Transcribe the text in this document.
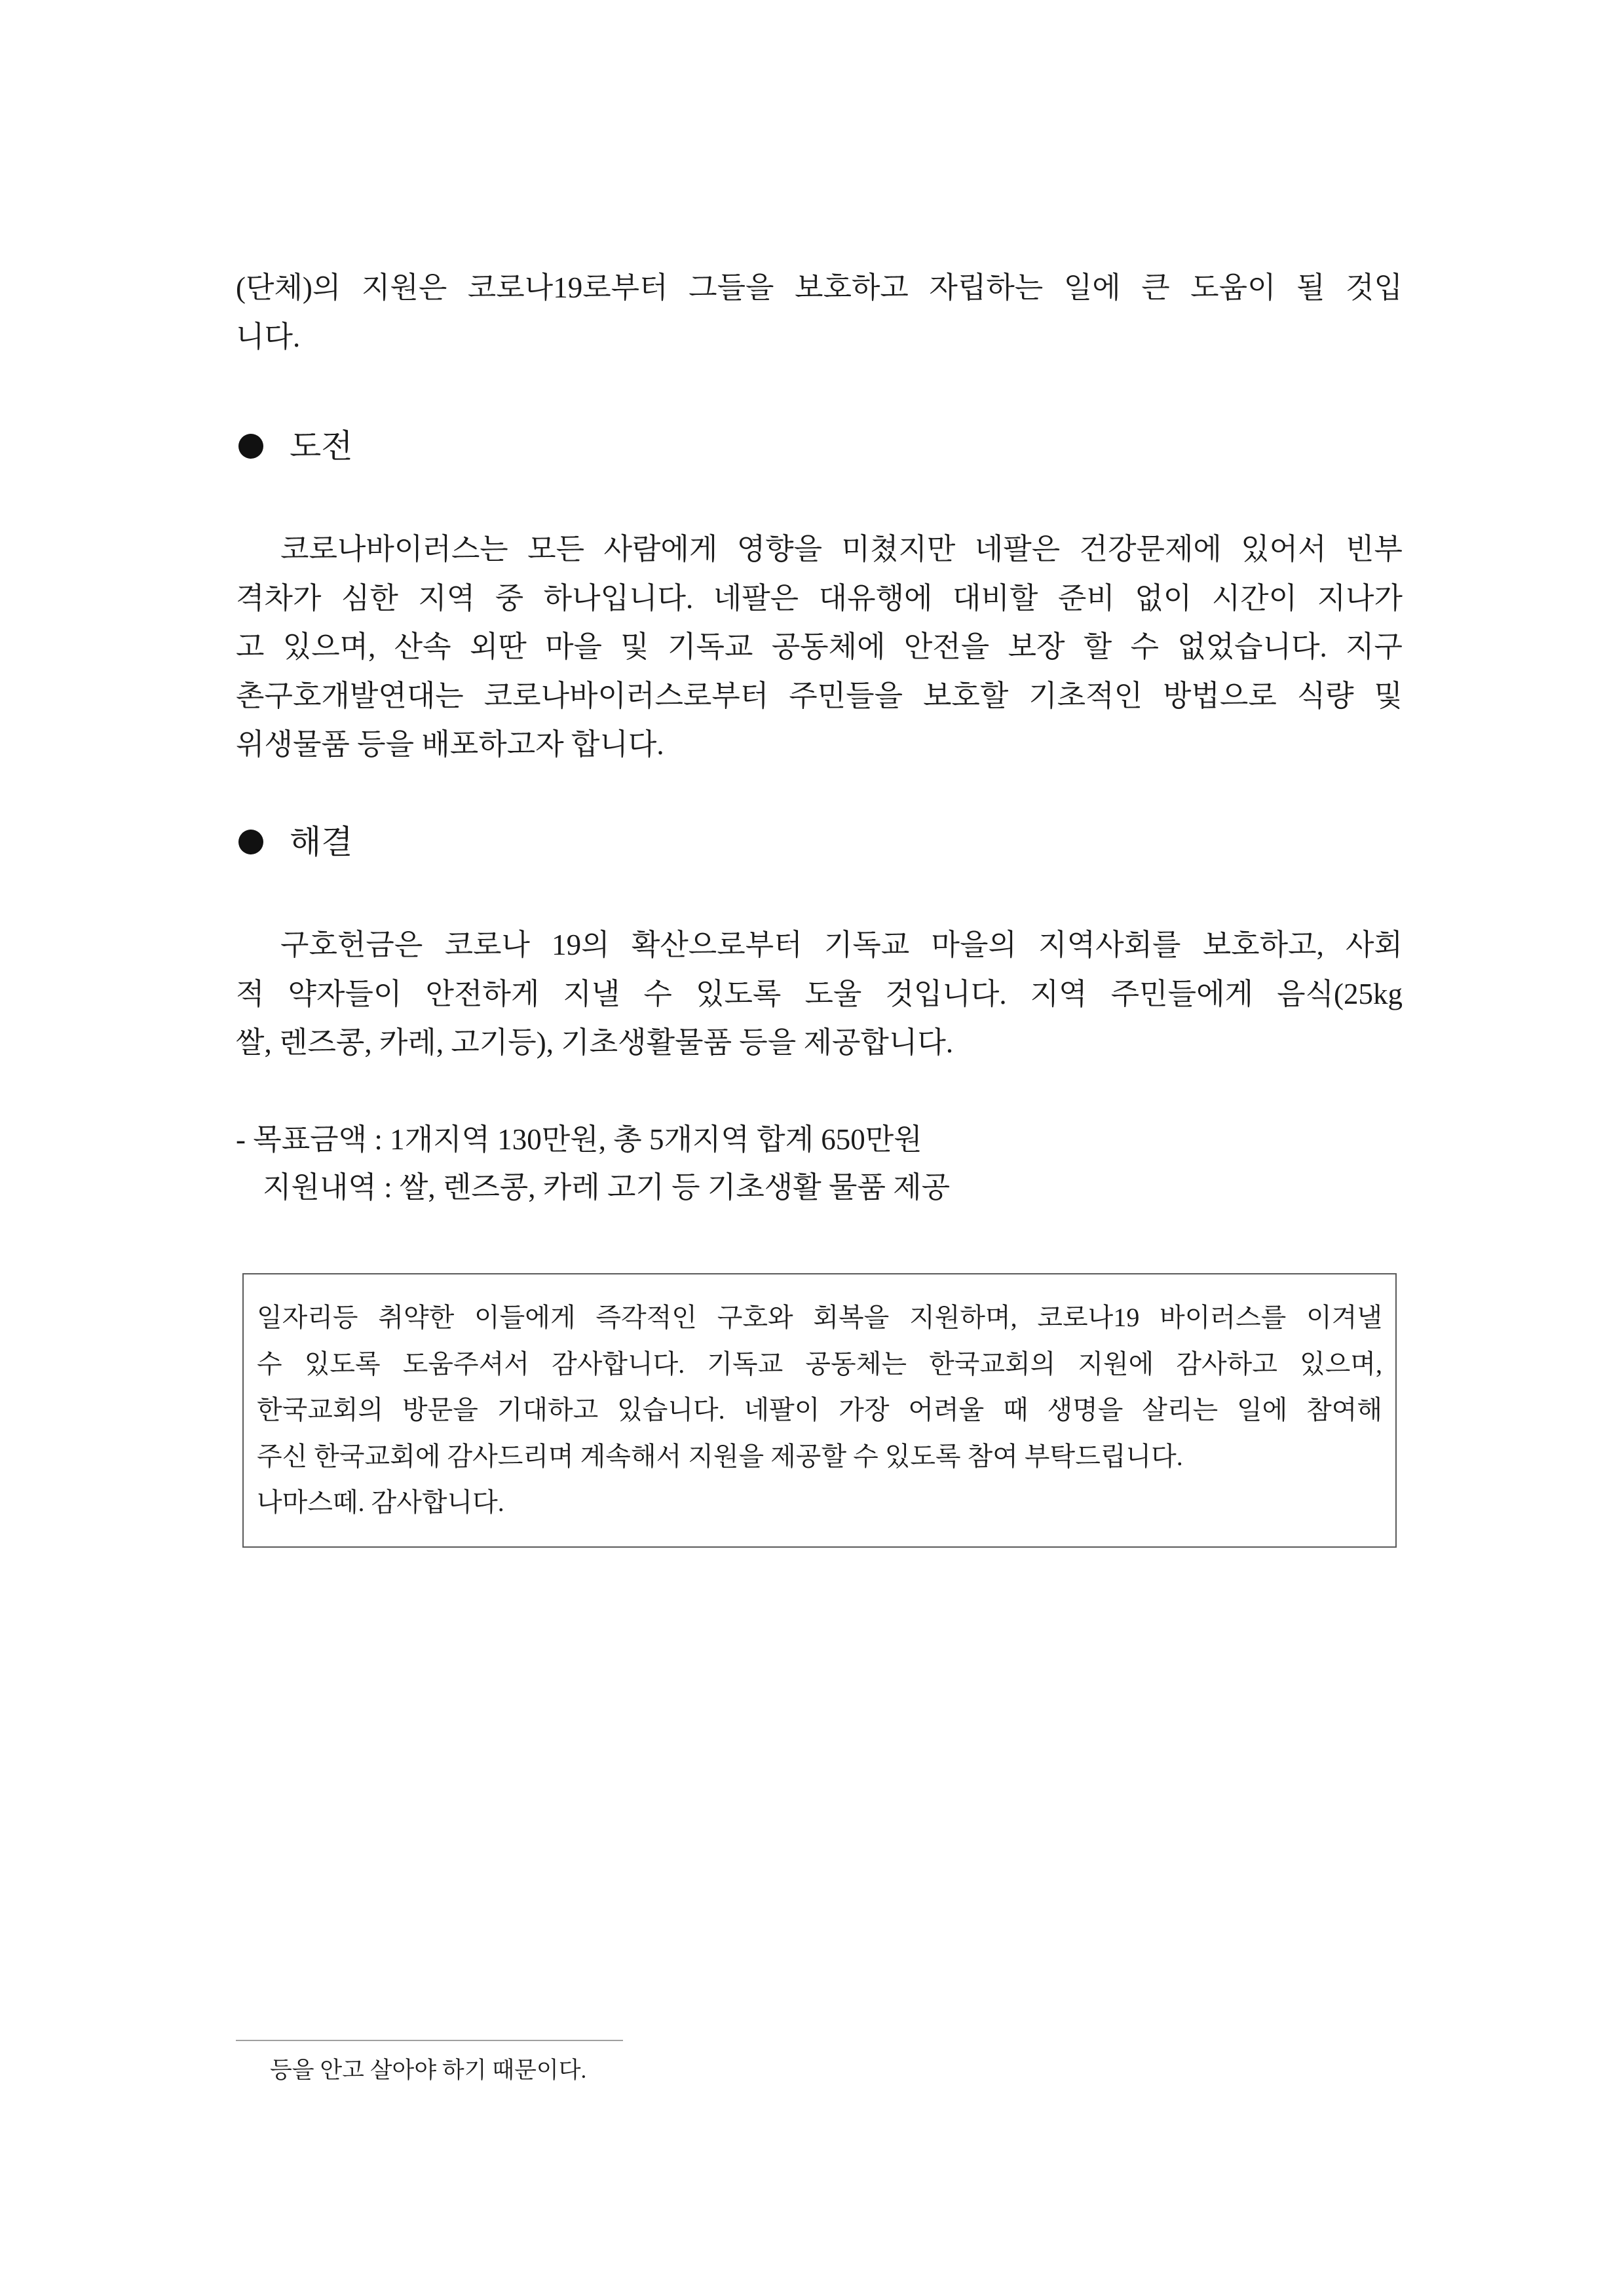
(단체)의 지원은 코로나19로부터 그들을 보호하고 자립하는 일에 큰 도움이 될 것입
니다.
도전
코로나바이러스는 모든 사람에게 영향을 미쳤지만 네팔은 건강문제에 있어서 빈부
격차가 심한 지역 중 하나입니다. 네팔은 대유행에 대비할 준비 없이 시간이 지나가
고 있으며, 산속 외딴 마을 및 기독교 공동체에 안전을 보장 할 수 없었습니다. 지구
촌구호개발연대는 코로나바이러스로부터 주민들을 보호할 기초적인 방법으로 식량 및
위생물품 등을 배포하고자 합니다.
해결
구호헌금은 코로나 19의 확산으로부터 기독교 마을의 지역사회를 보호하고, 사회
적 약자들이 안전하게 지낼 수 있도록 도울 것입니다. 지역 주민들에게 음식(25kg
쌀, 렌즈콩, 카레, 고기등), 기초생활물품 등을 제공합니다.
- 목표금액 : 1개지역 130만원, 총 5개지역 합계 650만원
지원내역 : 쌀, 렌즈콩, 카레 고기 등 기초생활 물품 제공
일자리등 취약한 이들에게 즉각적인 구호와 회복을 지원하며, 코로나19 바이러스를 이겨낼
수 있도록 도움주셔서 감사합니다. 기독교 공동체는 한국교회의 지원에 감사하고 있으며,
한국교회의 방문을 기대하고 있습니다. 네팔이 가장 어려울 때 생명을 살리는 일에 참여해
주신 한국교회에 감사드리며 계속해서 지원을 제공할 수 있도록 참여 부탁드립니다.
나마스떼. 감사합니다.
등을 안고 살아야 하기 때문이다.
